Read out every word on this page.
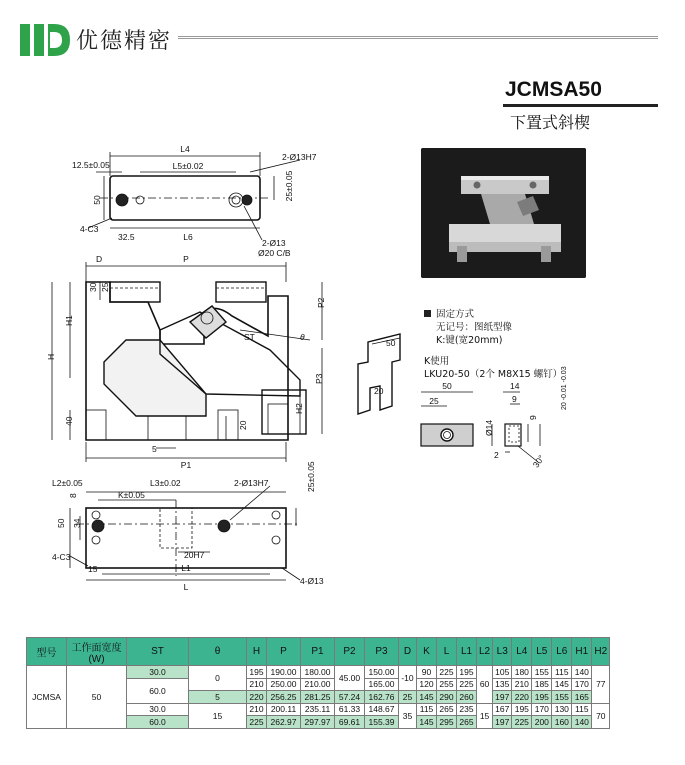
优德精密
JCMSA50
下置式斜楔
L4
L5±0.02
12.5±0.05
50
4-C3
32.5	L6
2-Ø13H7
25±0.05
2-Ø13
Ø20 C/B
D	P
30 25
H1
H
P2
ST	θ
P3
H2
40	20
5
P1
L2±0.05	L3±0.02	2-Ø13H7
8	K±0.05
25±0.05
50 34
4-C3	20H7
15	L1
L
4-Ø13
50
20	50
25
14
9
Ø14
9
20 -0.01 -0.03
2	30°
固定方式
无记号：图纸型像
K:键(宽20mm)
K使用
LKU20-50（2个 M8X15 螺钉）
型号	工作面宽度(W)	ST	θ	H	P	P1	P2	P3	D	K	L	L1	L2	L3	L4	L5	L6	H1	H2
JCMSA	50	30.0	0	195	190.00	180.00	45.00	150.00	-10	90	225	195	60	105	180	155	115	140	77
		60.0		210	250.00	210.00		165.00		120	255	225		135	210	185	145	170	
			5	220	256.25	281.25	57.24	162.76	25	145	290	260		197	220	195	155	165	
		30.0	15	210	200.11	235.11	61.33	148.67	35	115	265	235	15	167	195	170	130	115	70
		60.0		225	262.97	297.97	69.61	155.39		145	295	265		197	225	200	160	140	
